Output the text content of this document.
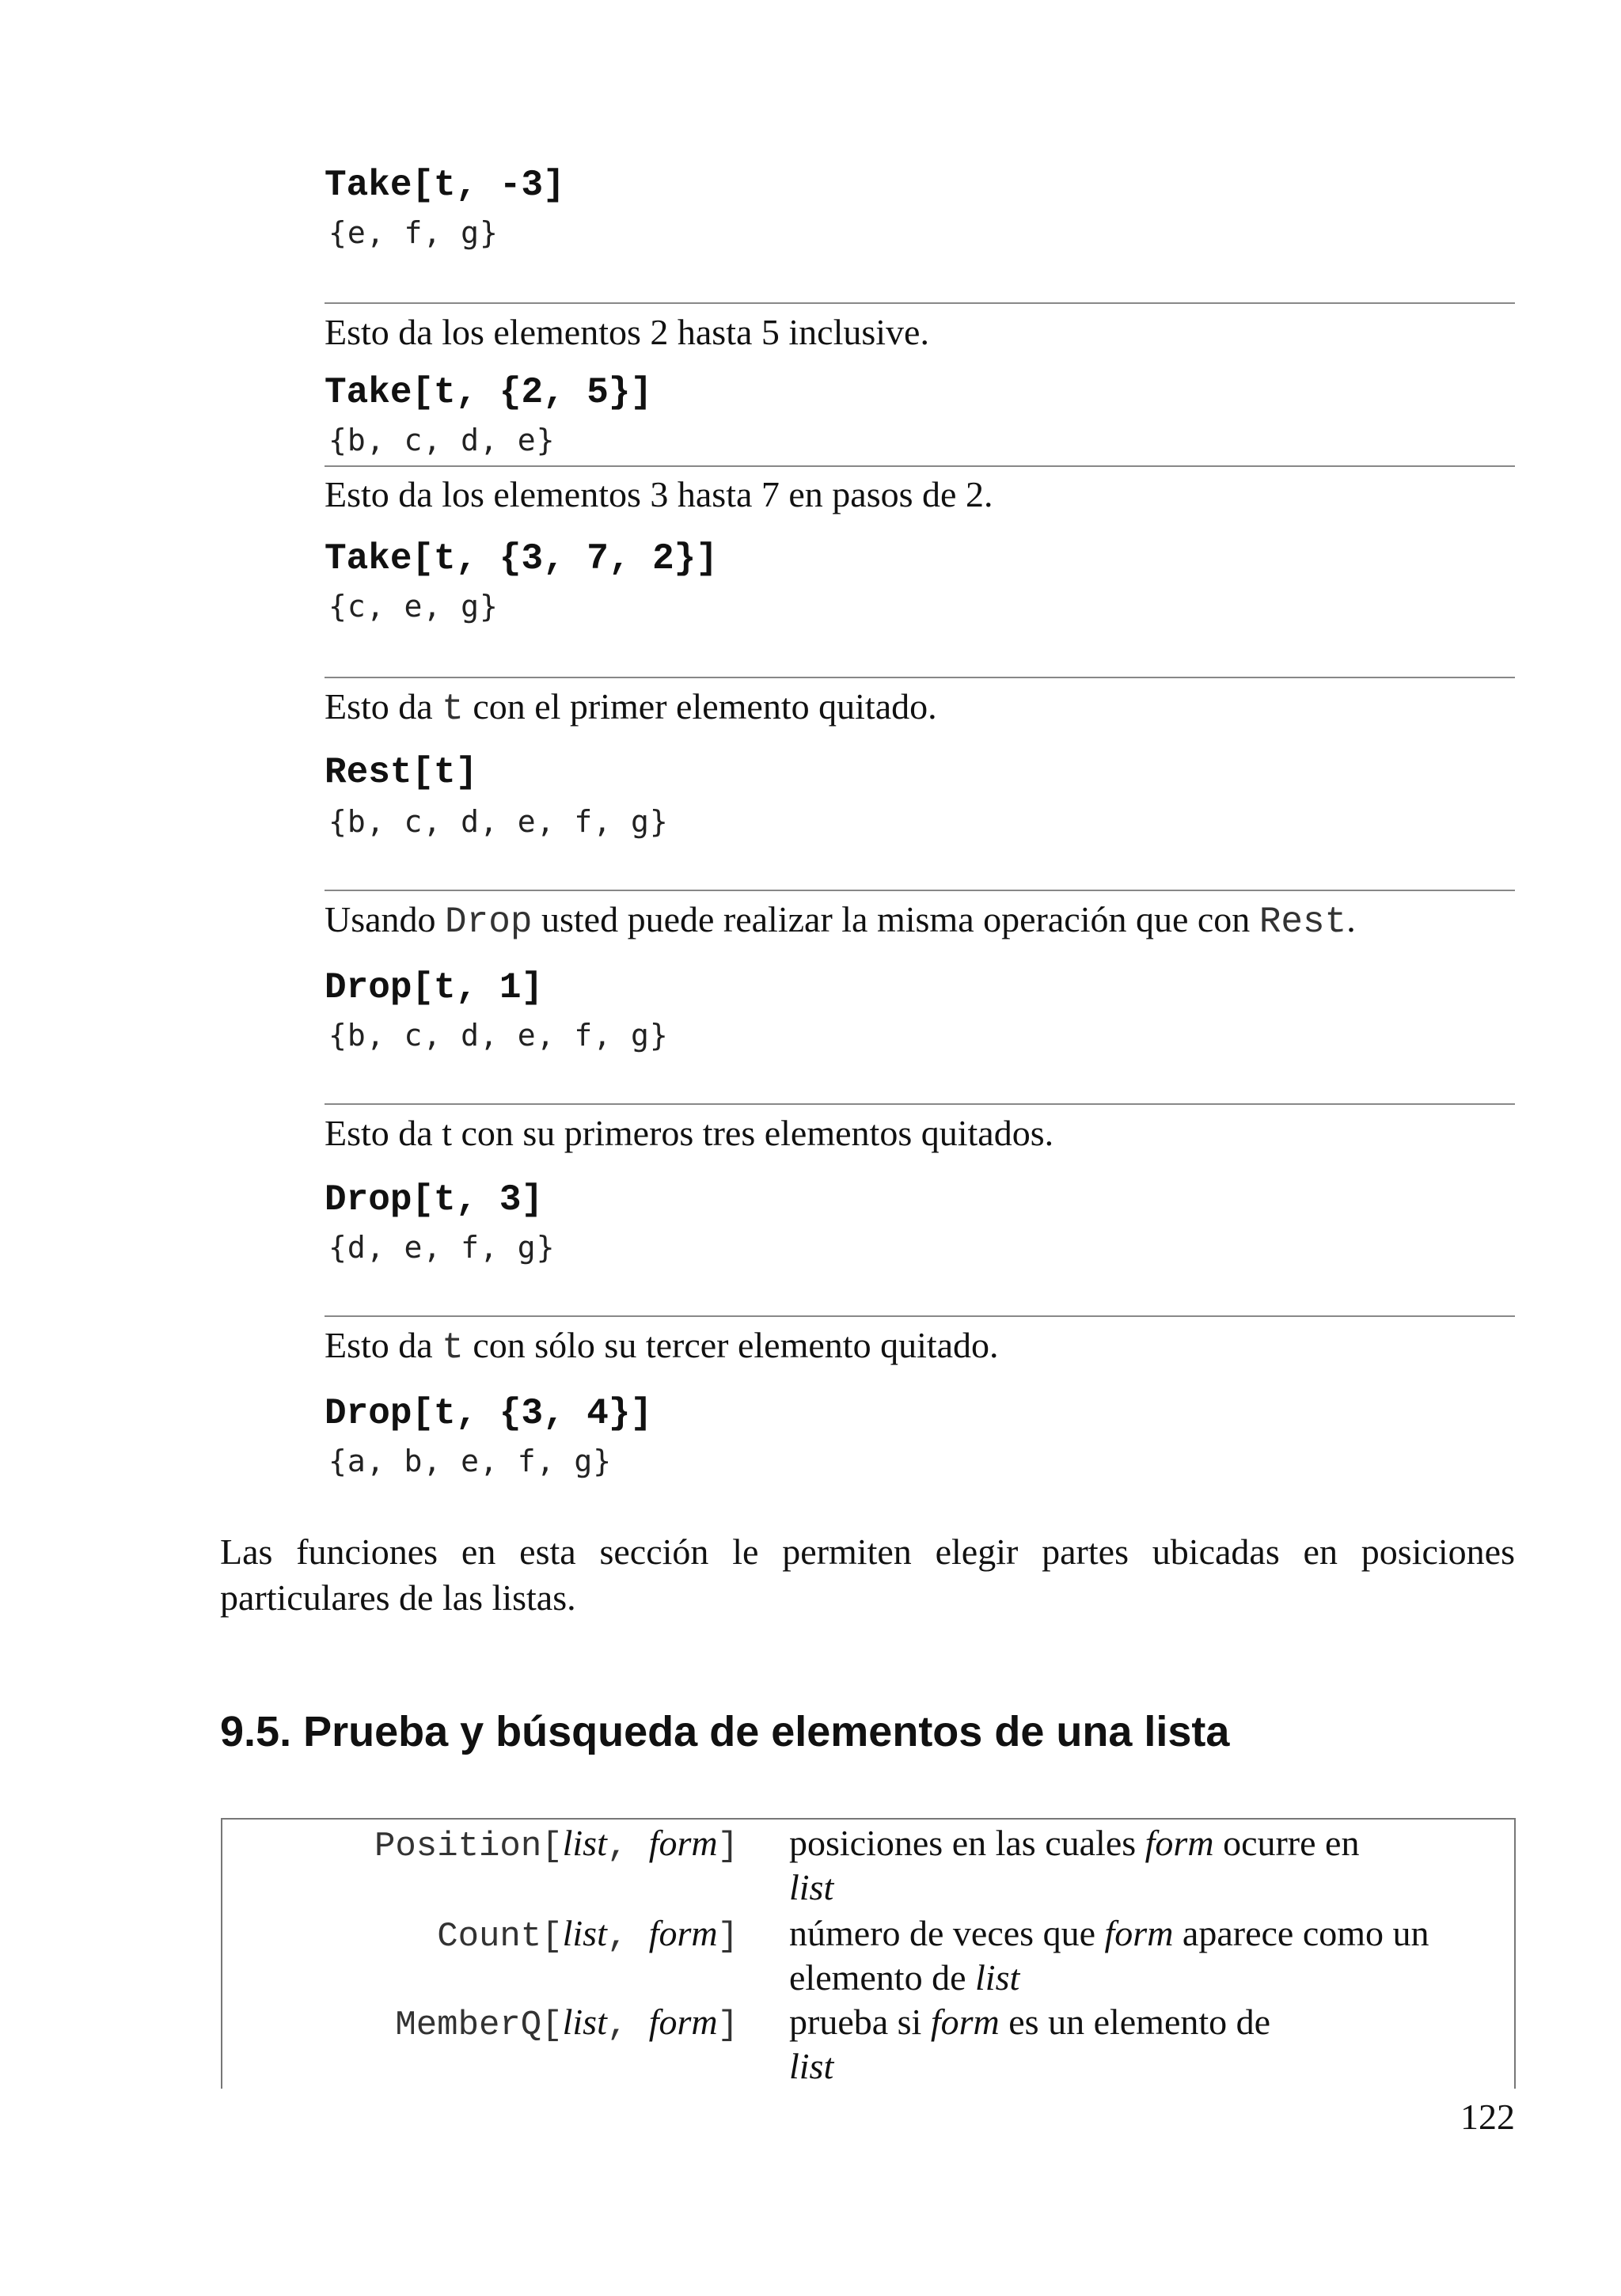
Take[t, -3]
{e, f, g}
Esto da los elementos 2 hasta 5 inclusive.
Take[t, {2, 5}]
{b, c, d, e}
Esto da los elementos 3 hasta 7 en pasos de 2.
Take[t, {3, 7, 2}]
{c, e, g}
Esto da t con el primer elemento quitado.
Rest[t]
{b, c, d, e, f, g}
Usando Drop usted puede realizar la misma operación que con Rest.
Drop[t, 1]
{b, c, d, e, f, g}
Esto da t con su primeros tres elementos quitados.
Drop[t, 3]
{d, e, f, g}
Esto da t con sólo su tercer elemento quitado.
Drop[t, {3, 4}]
{a, b, e, f, g}
Las funciones en esta sección le permiten elegir partes ubicadas en posiciones particulares de las listas.
9.5. Prueba y búsqueda de elementos de una lista
Position[list, form] posiciones en las cuales form ocurre en
list
Count[list, form] número de veces que form aparece como un
elemento de list
MemberQ[list, form] prueba si form es un elemento de
list
122
